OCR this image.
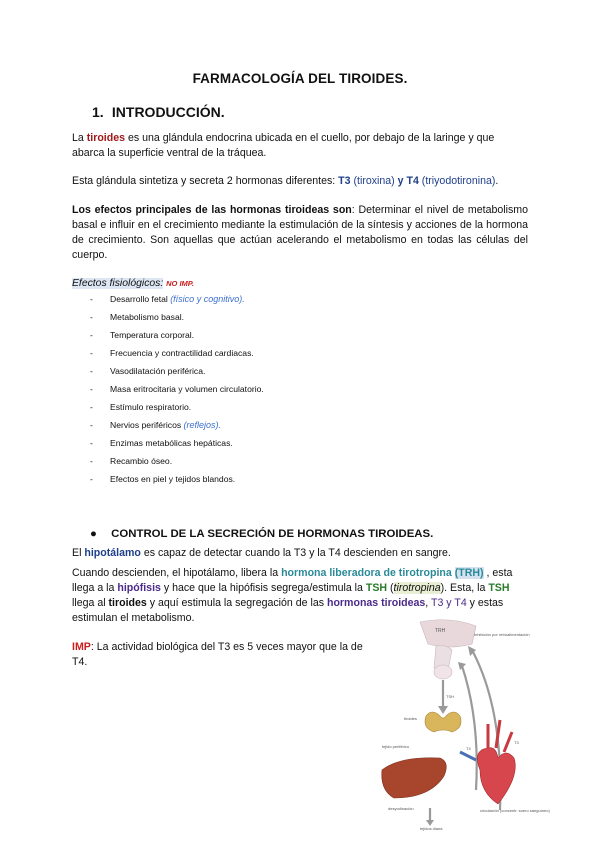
FARMACOLOGÍA DEL TIROIDES.
1. INTRODUCCIÓN.
La tiroides es una glándula endocrina ubicada en el cuello, por debajo de la laringe y que abarca la superficie ventral de la tráquea.
Esta glándula sintetiza y secreta 2 hormonas diferentes: T3 (tiroxina) y T4 (triyodotironina).
Los efectos principales de las hormonas tiroideas son: Determinar el nivel de metabolismo basal e influir en el crecimiento mediante la estimulación de la síntesis y acciones de la hormona de crecimiento. Son aquellas que actúan acelerando el metabolismo en todas las células del cuerpo.
Efectos fisiológicos: NO IMP.
- Desarrollo fetal (físico y cognitivo).
- Metabolismo basal.
- Temperatura corporal.
- Frecuencia y contractilidad cardiacas.
- Vasodilatación periférica.
- Masa eritrocitaria y volumen circulatorio.
- Estímulo respiratorio.
- Nervios periféricos (reflejos).
- Enzimas metabólicas hepáticas.
- Recambio óseo.
- Efectos en piel y tejidos blandos.
● CONTROL DE LA SECRECIÓN DE HORMONAS TIROIDEAS.
El hipotálamo es capaz de detectar cuando la T3 y la T4 descienden en sangre.
Cuando descienden, el hipotálamo, libera la hormona liberadora de tirotropina (TRH) , esta llega a la hipófisis y hace que la hipófisis segrega/estimula la TSH (tirotropina). Esta, la TSH llega al tiroides y aquí estimula la segregación de las hormonas tiroideas, T3 y T4 y estas estimulan el metabolismo.
IMP: La actividad biológica del T3 es 5 veces mayor que la de T4.
TRH
Inhibición por retroalimentación
TSH
tiroides
tejido periférico	T4
T3
desyodinación	circulación (concentr. suero sanguíneo)
tejidos diana
